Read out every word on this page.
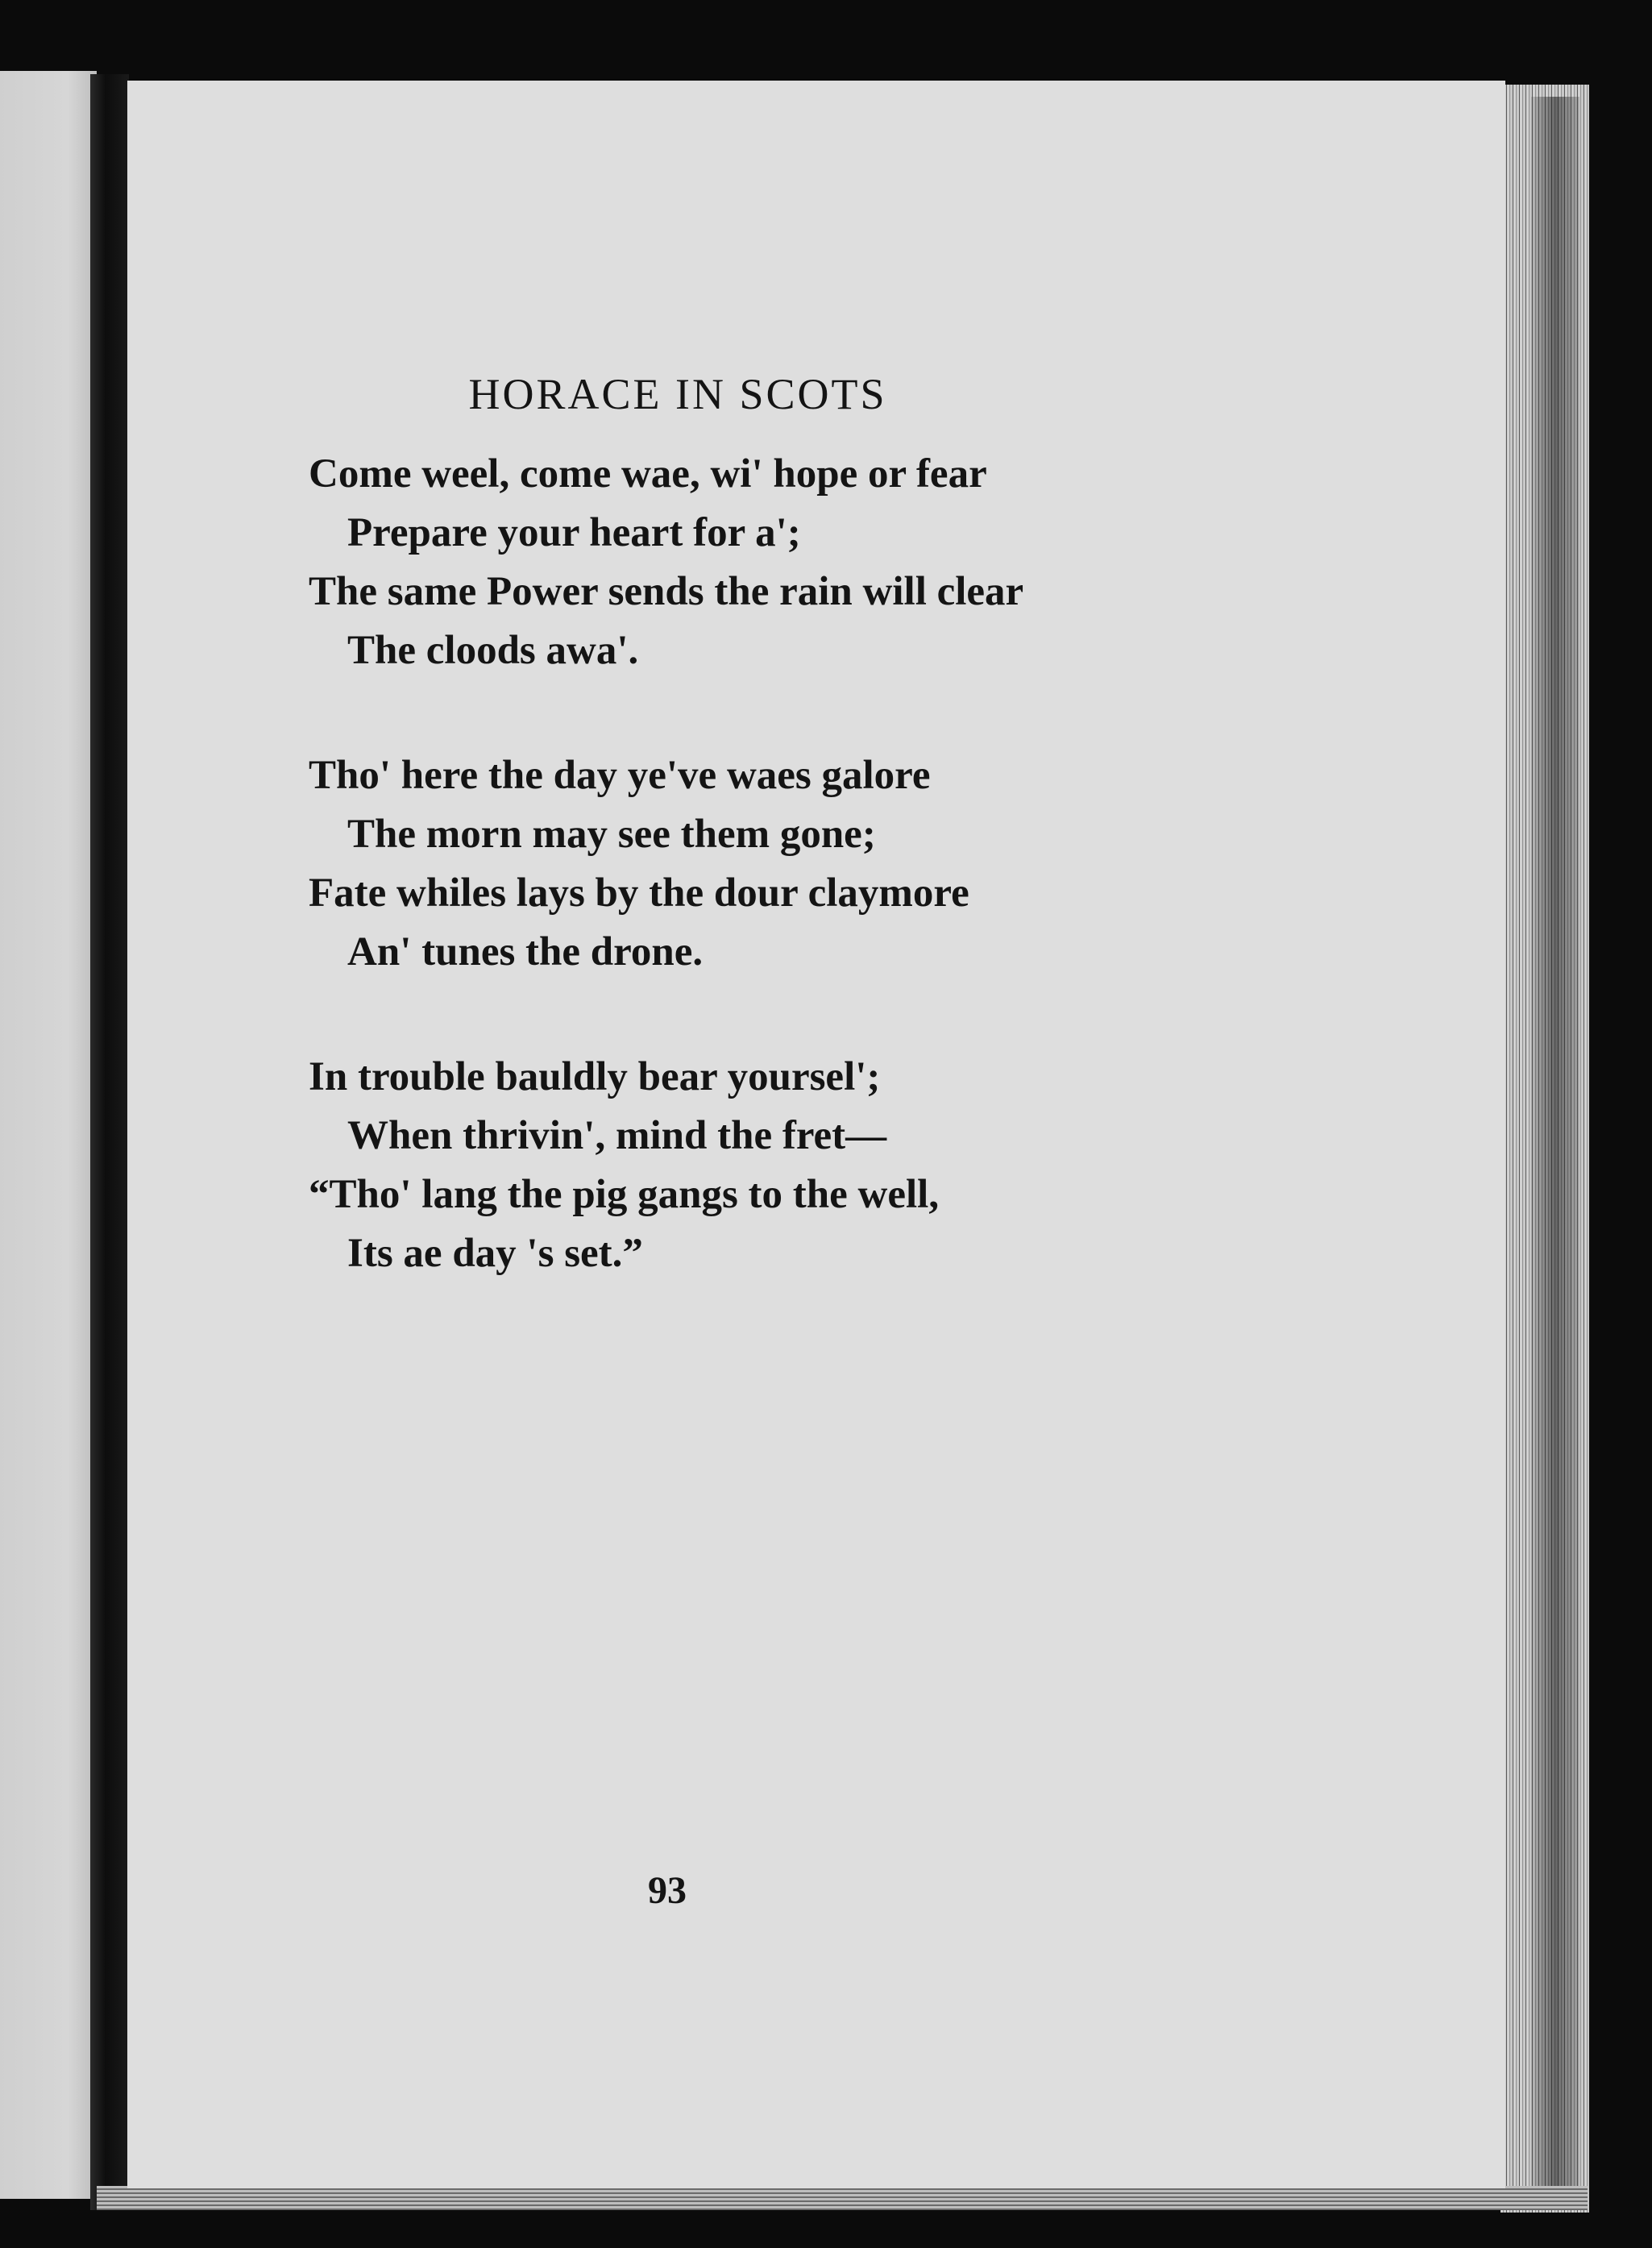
HORACE IN SCOTS
Come weel, come wae, wi' hope or fear
Prepare your heart for a';
The same Power sends the rain will clear
The cloods awa'.
Tho' here the day ye've waes galore
The morn may see them gone;
Fate whiles lays by the dour claymore
An' tunes the drone.
In trouble bauldly bear yoursel';
When thrivin', mind the fret—
“Tho' lang the pig gangs to the well,
Its ae day 's set.”
93
